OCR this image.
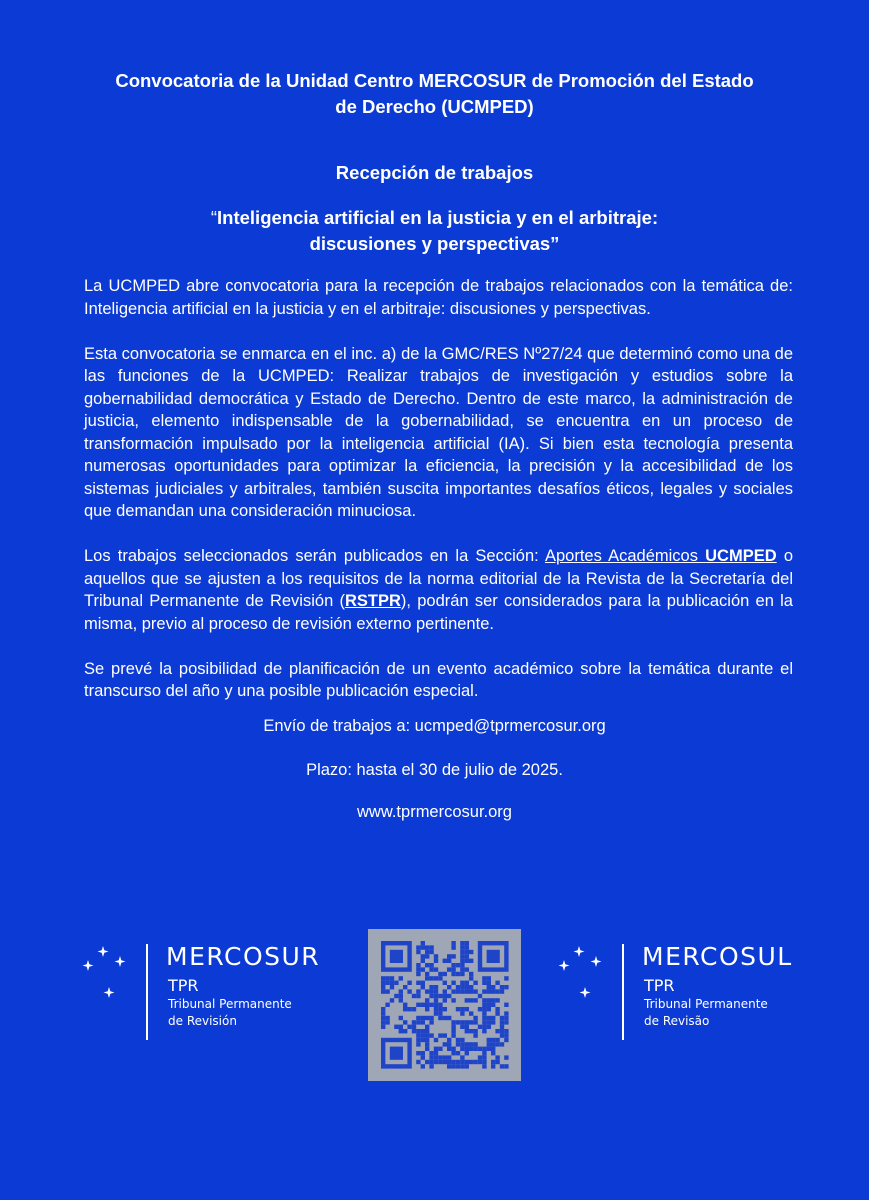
Convocatoria de la Unidad Centro MERCOSUR de Promoción del Estado
de Derecho (UCMPED)
Recepción de trabajos
“Inteligencia artificial en la justicia y en el arbitraje:
discusiones y perspectivas”

La UCMPED abre convocatoria para la recepción de trabajos relacionados con la temática de: Inteligencia artificial en la justicia y en el arbitraje: discusiones y perspectivas.

Esta convocatoria se enmarca en el inc. a) de la GMC/RES Nº27/24 que determinó como una de las funciones de la UCMPED: Realizar trabajos de investigación y estudios sobre la gobernabilidad democrática y Estado de Derecho. Dentro de este marco, la administración de justicia, elemento indispensable de la gobernabilidad, se encuentra en un proceso de transformación impulsado por la inteligencia artificial (IA). Si bien esta tecnología presenta numerosas oportunidades para optimizar la eficiencia, la precisión y la accesibilidad de los sistemas judiciales y arbitrales, también suscita importantes desafíos éticos, legales y sociales que demandan una consideración minuciosa.

Los trabajos seleccionados serán publicados en la Sección: Aportes Académicos UCMPED o aquellos que se ajusten a los requisitos de la norma editorial de la Revista de la Secretaría del Tribunal Permanente de Revisión (RSTPR), podrán ser considerados para la publicación en la misma, previo al proceso de revisión externo pertinente.

Se prevé la posibilidad de planificación de un evento académico sobre la temática durante el transcurso del año y una posible publicación especial.

Envío de trabajos a: ucmped@tprmercosur.org
Plazo: hasta el 30 de julio de 2025.
www.tprmercosur.org
MERCOSUR
TPR
Tribunal Permanente
de Revisión
MERCOSUL
TPR
Tribunal Permanente
de Revisão
